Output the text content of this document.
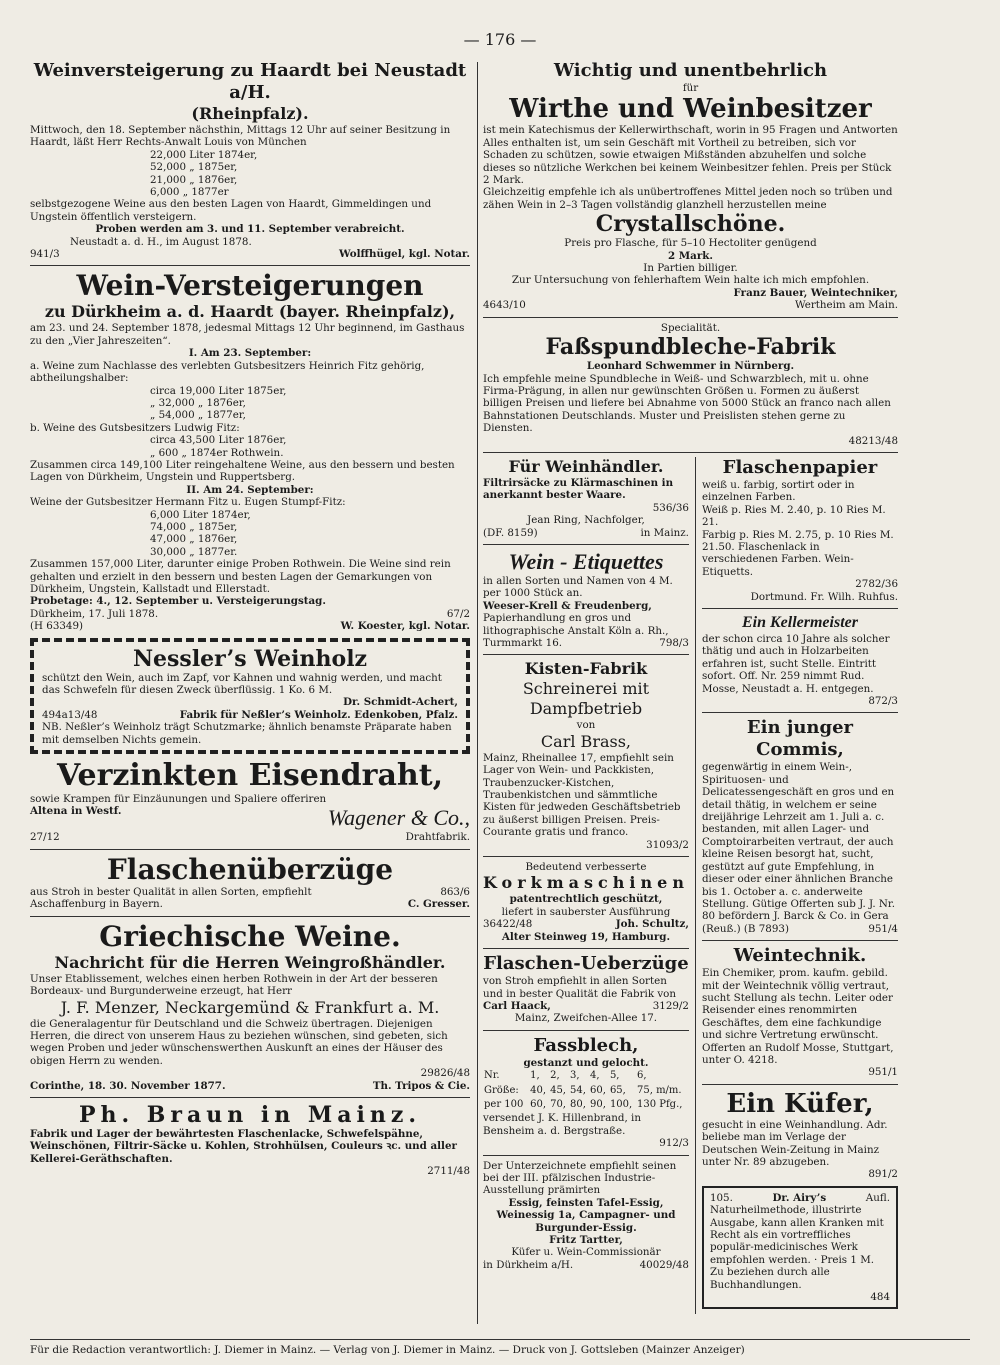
— 176 —
Weinversteigerung zu Haardt bei Neustadt a/H.
(Rheinpfalz).
Mittwoch, den 18. September nächsthin, Mittags 12 Uhr auf seiner Besitzung in Haardt, läßt Herr Rechts-Anwalt Louis von München
22,000 Liter 1874er,
52,000 „ 1875er,
21,000 „ 1876er,
6,000 „ 1877er
selbstgezogene Weine aus den besten Lagen von Haardt, Gimmeldingen und Ungstein öffentlich versteigern.
Proben werden am 3. und 11. September verabreicht.
Neustadt a. d. H., im August 1878.
941/3	Wolffhügel, kgl. Notar.
Wein-Versteigerungen
zu Dürkheim a. d. Haardt (bayer. Rheinpfalz),
am 23. und 24. September 1878, jedesmal Mittags 12 Uhr beginnend, im Gasthaus zu den „Vier Jahreszeiten“.
I. Am 23. September:
a. Weine zum Nachlasse des verlebten Gutsbesitzers Heinrich Fitz gehörig, abtheilungshalber:
circa 19,000 Liter 1875er,
„ 32,000 „ 1876er,
„ 54,000 „ 1877er,
b. Weine des Gutsbesitzers Ludwig Fitz:
circa 43,500 Liter 1876er,
„ 600 „ 1874er Rothwein.
Zusammen circa 149,100 Liter reingehaltene Weine, aus den bessern und besten Lagen von Dürkheim, Ungstein und Ruppertsberg.
II. Am 24. September:
Weine der Gutsbesitzer Hermann Fitz u. Eugen Stumpf-Fitz:
6,000 Liter 1874er,
74,000 „ 1875er,
47,000 „ 1876er,
30,000 „ 1877er.
Zusammen 157,000 Liter, darunter einige Proben Rothwein. Die Weine sind rein gehalten und erzielt in den bessern und besten Lagen der Gemarkungen von Dürkheim, Ungstein, Kallstadt und Ellerstadt.
Probetage: 4., 12. September u. Versteigerungstag.
Dürkheim, 17. Juli 1878.	67/2
(H 63349)	W. Koester, kgl. Notar.
Nessler’s Weinholz
schützt den Wein, auch im Zapf, vor Kahnen und wahnig werden, und macht das Schwefeln für diesen Zweck überflüssig. 1 Ko. 6 M.
Dr. Schmidt-Achert,
494a13/48	Fabrik für Neßler’s Weinholz. Edenkoben, Pfalz.
NB. Neßler’s Weinholz trägt Schutzmarke; ähnlich benamste Präparate haben mit demselben Nichts gemein.
Verzinkten Eisendraht,
sowie Krampen für Einzäunungen und Spaliere offeriren
Altena in Westf.	Wagener & Co.,
27/12	Drahtfabrik.
Flaschenüberzüge
aus Stroh in bester Qualität in allen Sorten, empfiehlt	863/6
Aschaffenburg in Bayern.	C. Gresser.
Griechische Weine.
Nachricht für die Herren Weingroßhändler.
Unser Etablissement, welches einen herben Rothwein in der Art der besseren Bordeaux- und Burgunderweine erzeugt, hat Herr
J. F. Menzer, Neckargemünd & Frankfurt a. M.
die Generalagentur für Deutschland und die Schweiz übertragen. Diejenigen Herren, die direct von unserem Haus zu beziehen wünschen, sind gebeten, sich wegen Proben und jeder wünschenswerthen Auskunft an eines der Häuser des obigen Herrn zu wenden.
29826/48
Corinthe, 18. 30. November 1877.	Th. Tripos & Cie.
Ph. Braun in Mainz.
Fabrik und Lager der bewährtesten Flaschenlacke, Schwefelspähne, Weinschönen, Filtrir-Säcke u. Kohlen, Strohhülsen, Couleurs ꝛc. und aller Kellerei-Geräthschaften.
2711/48
Wichtig und unentbehrlich
für
Wirthe und Weinbesitzer
ist mein Katechismus der Kellerwirthschaft, worin in 95 Fragen und Antworten Alles enthalten ist, um sein Geschäft mit Vortheil zu betreiben, sich vor Schaden zu schützen, sowie etwaigen Mißständen abzuhelfen und solche dieses so nützliche Werkchen bei keinem Weinbesitzer fehlen. Preis per Stück 2 Mark.
Gleichzeitig empfehle ich als unübertroffenes Mittel jeden noch so trüben und zähen Wein in 2–3 Tagen vollständig glanzhell herzustellen meine
Crystallschöne.
Preis pro Flasche, für 5–10 Hectoliter genügend
2 Mark.
In Partien billiger.
Zur Untersuchung von fehlerhaftem Wein halte ich mich empfohlen.
Franz Bauer, Weintechniker,
4643/10	Wertheim am Main.
Specialität.
Faßspundbleche-Fabrik
Leonhard Schwemmer in Nürnberg.
Ich empfehle meine Spundbleche in Weiß- und Schwarzblech, mit u. ohne Firma-Prägung, in allen nur gewünschten Größen u. Formen zu äußerst billigen Preisen und liefere bei Abnahme von 5000 Stück an franco nach allen Bahnstationen Deutschlands. Muster und Preislisten stehen gerne zu Diensten.
48213/48
Für Weinhändler.
Filtrirsäcke zu Klärmaschinen in anerkannt bester Waare.
536/36
Jean Ring, Nachfolger,
(DF. 8159)	in Mainz.
Wein - Etiquettes
in allen Sorten und Namen von 4 M. per 1000 Stück an.
Weeser-Krell & Freudenberg,
Papierhandlung en gros und lithographische Anstalt Köln a. Rh.,
Turmmarkt 16.	798/3
Kisten-Fabrik
Schreinerei mit Dampfbetrieb
von
Carl Brass,
Mainz, Rheinallee 17, empfiehlt sein Lager von Wein- und Packkisten, Traubenzucker-Kistchen, Traubenkistchen und sämmtliche Kisten für jedweden Geschäftsbetrieb zu äußerst billigen Preisen. Preis-Courante gratis und franco.
31093/2
Bedeutend verbesserte
Korkmaschinen
patentrechtlich geschützt,
liefert in sauberster Ausführung
36422/48	Joh. Schultz,
Alter Steinweg 19, Hamburg.
Flaschen-Ueberzüge
von Stroh empfiehlt in allen Sorten und in bester Qualität die Fabrik von
Carl Haack,	3129/2
Mainz, Zweifchen-Allee 17.
Fassblech,
gestanzt und gelocht.
Nr.	1,	2,	3,	4,	5,	6,
Größe:	40,	45,	54,	60,	65,	75, m/m.
per 100	60,	70,	80,	90,	100,	130 Pfg.,
versendet J. K. Hillenbrand, in Bensheim a. d. Bergstraße.
912/3
Der Unterzeichnete empfiehlt seinen bei der III. pfälzischen Industrie-Ausstellung prämirten
Essig, feinsten Tafel-Essig, Weinessig 1a, Campagner- und Burgunder-Essig.
Fritz Tartter,
Küfer u. Wein-Commissionär
in Dürkheim a/H.	40029/48
Flaschenpapier
weiß u. farbig, sortirt oder in einzelnen Farben.
Weiß p. Ries M. 2.40, p. 10 Ries M. 21.
Farbig p. Ries M. 2.75, p. 10 Ries M. 21.50. Flaschenlack in verschiedenen Farben. Wein-Etiquetts.
2782/36
Dortmund. Fr. Wilh. Ruhfus.
Ein Kellermeister
der schon circa 10 Jahre als solcher thätig und auch in Holzarbeiten erfahren ist, sucht Stelle. Eintritt sofort. Off. Nr. 259 nimmt Rud. Mosse, Neustadt a. H. entgegen.
872/3
Ein junger Commis,
gegenwärtig in einem Wein-, Spirituosen- und Delicatessengeschäft en gros und en detail thätig, in welchem er seine dreijährige Lehrzeit am 1. Juli a. c. bestanden, mit allen Lager- und Comptoirarbeiten vertraut, der auch kleine Reisen besorgt hat, sucht, gestützt auf gute Empfehlung, in dieser oder einer ähnlichen Branche bis 1. October a. c. anderweite Stellung. Gütige Offerten sub J. J. Nr. 80 befördern J. Barck & Co. in Gera
(Reuß.) (B 7893)	951/4
Weintechnik.
Ein Chemiker, prom. kaufm. gebild. mit der Weintechnik völlig vertraut, sucht Stellung als techn. Leiter oder Reisender eines renommirten Geschäftes, dem eine fachkundige und sichre Vertretung erwünscht. Offerten an Rudolf Mosse, Stuttgart, unter O. 4218.
951/1
Ein Küfer,
gesucht in eine Weinhandlung. Adr. beliebe man im Verlage der Deutschen Wein-Zeitung in Mainz unter Nr. 89 abzugeben.
891/2
105.	Dr. Airy’s	Aufl.
Naturheilmethode, illustrirte Ausgabe, kann allen Kranken mit Recht als ein vortreffliches populär-medicinisches Werk empfohlen werden. · Preis 1 M.
Zu beziehen durch alle Buchhandlungen.
484
Für die Redaction verantwortlich: J. Diemer in Mainz. — Verlag von J. Diemer in Mainz. — Druck von J. Gottsleben (Mainzer Anzeiger)
